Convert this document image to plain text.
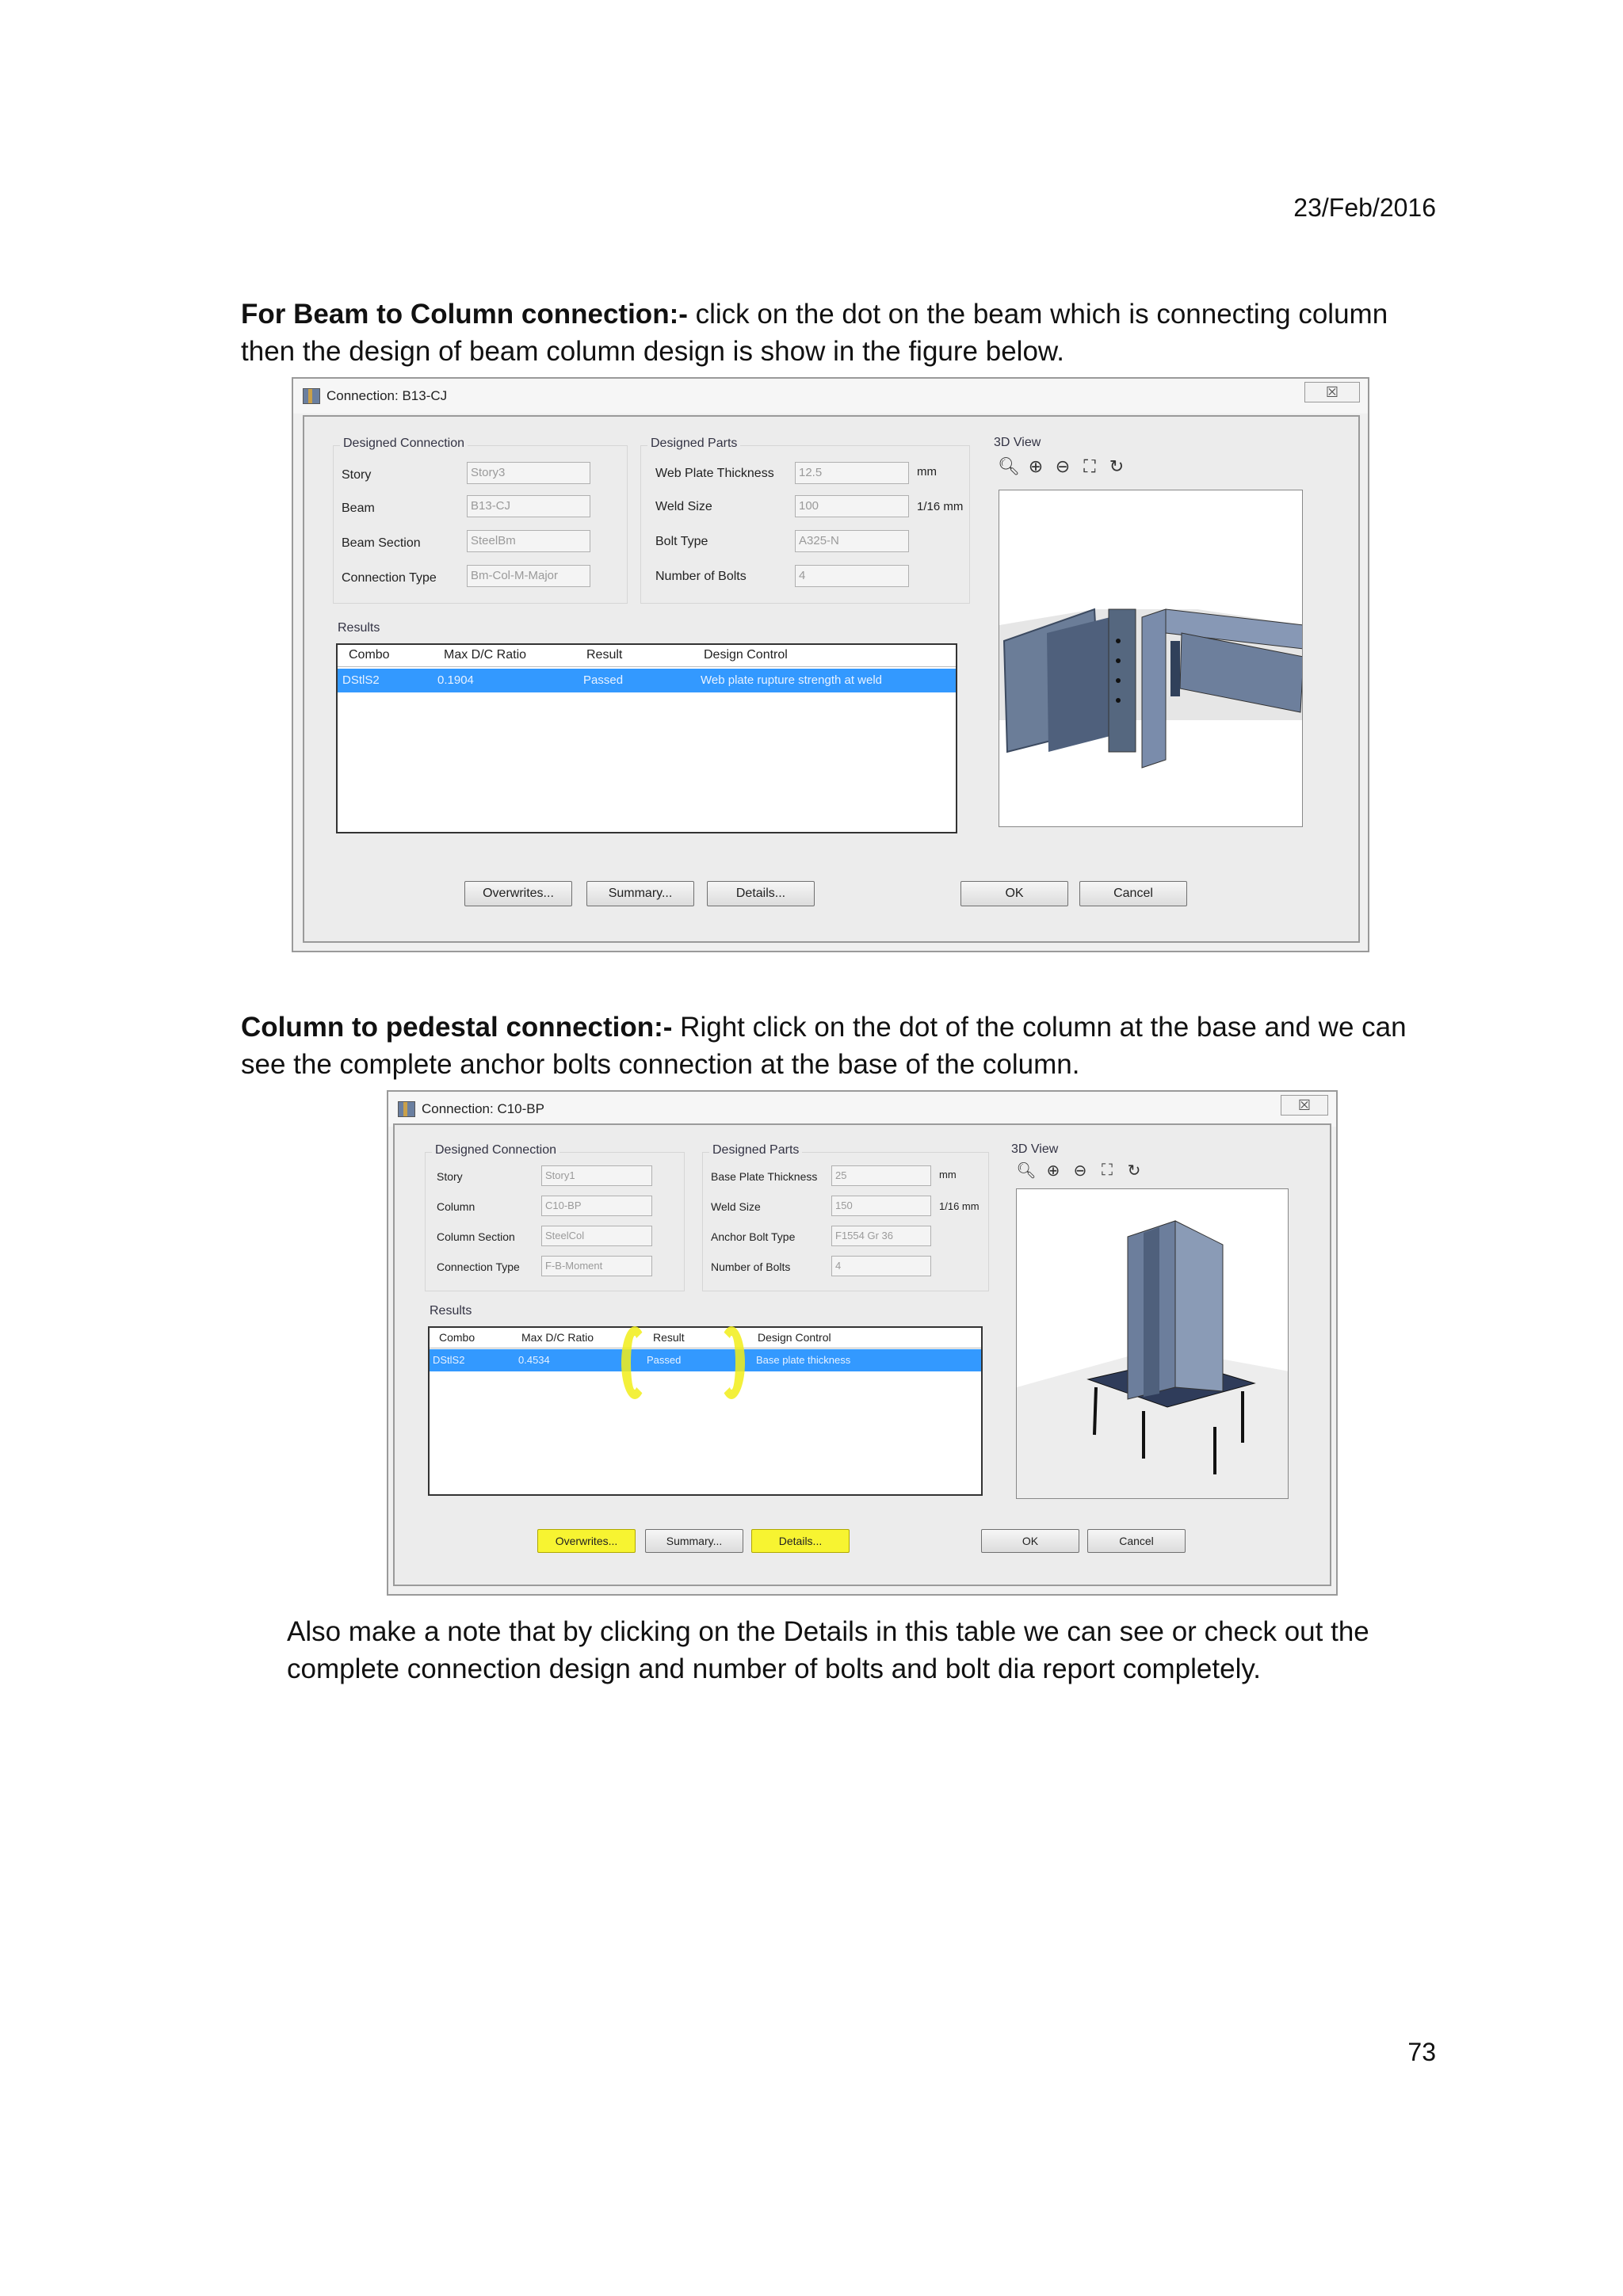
23/Feb/2016
For Beam to Column connection:- click on the dot on the beam which is connecting column then the design of beam column design is show in the figure below.
Connection: B13-CJ	☒
Designed Connection
Story	Story3
Beam	B13-CJ
Beam Section	SteelBm
Connection Type	Bm-Col-M-Major
Designed Parts
Web Plate Thickness	12.5	mm
Weld Size	100	1/16 mm
Bolt Type	A325-N
Number of Bolts	4
Results
Combo	Max D/C Ratio	Result	Design Control
DStlS2	0.1904	Passed	Web plate rupture strength at weld
3D View
🔍︎ ⊕ ⊖ ⛶ ↻
Overwrites...	Summary...	Details...	OK	Cancel
Column to pedestal connection:- Right click on the dot of the column at the base and we can see the complete anchor bolts connection at the base of the column.
Connection: C10-BP	☒
Designed Connection
Story	Story1
Column	C10-BP
Column Section	SteelCol
Connection Type	F-B-Moment
Designed Parts
Base Plate Thickness	25	mm
Weld Size	150	1/16 mm
Anchor Bolt Type	F1554 Gr 36
Number of Bolts	4
Results
Combo	Max D/C Ratio	Result	Design Control
DStlS2	0.4534	Passed	Base plate thickness
3D View
🔍︎ ⊕ ⊖ ⛶ ↻
Overwrites...	Summary...	Details...	OK	Cancel
Also make a note that by clicking on the Details in this table we can see or check out the complete connection design and number of bolts and bolt dia report completely.
73
